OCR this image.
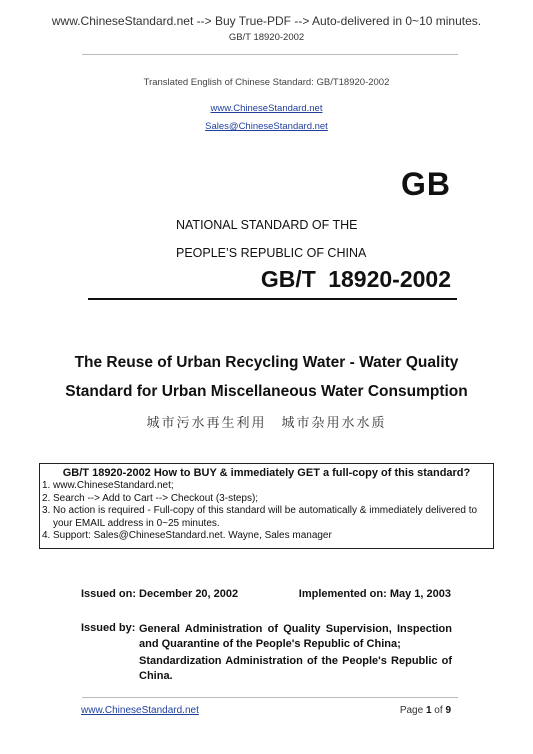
www.ChineseStandard.net --> Buy True-PDF --> Auto-delivered in 0~10 minutes.
GB/T 18920-2002
Translated English of Chinese Standard: GB/T18920-2002
www.ChineseStandard.net
Sales@ChineseStandard.net
GB
NATIONAL STANDARD OF THE
PEOPLE’S REPUBLIC OF CHINA
GB/T 18920-2002
The Reuse of Urban Recycling Water - Water Quality
Standard for Urban Miscellaneous Water Consumption
城市污水再生利用　城市杂用水水质
GB/T 18920-2002 How to BUY & immediately GET a full-copy of this standard?
1. www.ChineseStandard.net;
2. Search --> Add to Cart --> Checkout (3-steps);
3. No action is required - Full-copy of this standard will be automatically & immediately delivered to
your EMAIL address in 0~25 minutes.
4. Support: Sales@ChineseStandard.net. Wayne, Sales manager
Issued on: December 20, 2002	Implemented on: May 1, 2003
Issued by: General Administration of Quality Supervision, Inspection and Quarantine of the People's Republic of China;
Standardization Administration of the People's Republic of China.
www.ChineseStandard.net	Page 1 of 9
